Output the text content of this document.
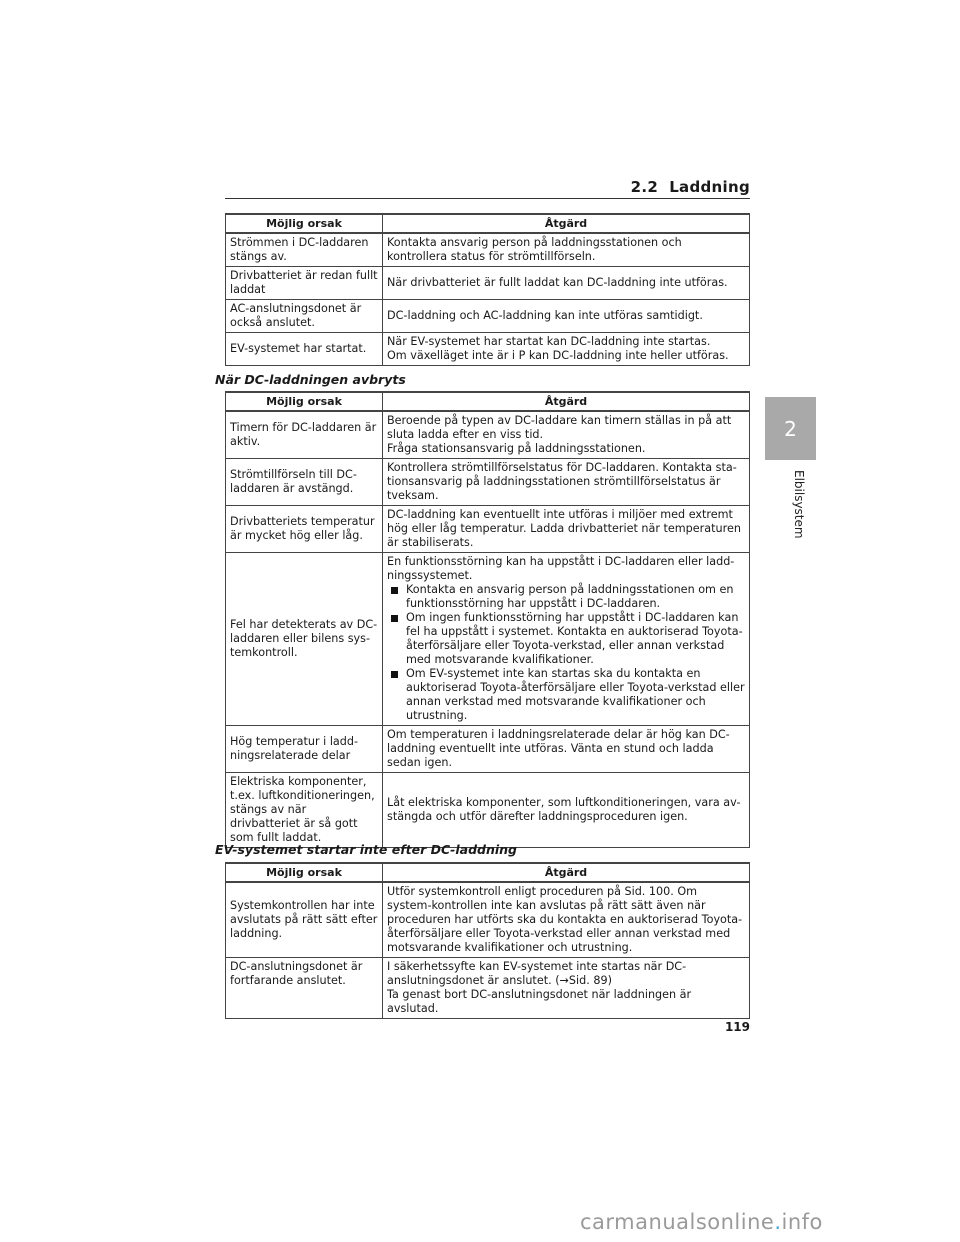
2.2 Laddning
2
Elbilsystem
Möjlig orsak	Åtgärd
Strömmen i DC-laddaren stängs av.	Kontakta ansvarig person på laddningsstationen och kontrollera status för strömtillförseln.
Drivbatteriet är redan fullt laddat	När drivbatteriet är fullt laddat kan DC-laddning inte utföras.
AC-anslutningsdonet är också anslutet.	DC-laddning och AC-laddning kan inte utföras samtidigt.
EV-systemet har startat.	När EV-systemet har startat kan DC-laddning inte startas.
Om växelläget inte är i P kan DC-laddning inte heller utföras.
När DC-laddningen avbryts
Möjlig orsak	Åtgärd
Timern för DC-laddaren är aktiv.	Beroende på typen av DC-laddare kan timern ställas in på att sluta ladda efter en viss tid.
Fråga stationsansvarig på laddningsstationen.

Strömtillförseln till DC-laddaren är avstängd.	Kontrollera strömtillförselstatus för DC-laddaren. Kontakta sta-tionsansvarig på laddningsstationen strömtillförselstatus är tveksam.
Drivbatteriets temperatur är mycket hög eller låg.	DC-laddning kan eventuellt inte utföras i miljöer med extremt hög eller låg temperatur. Ladda drivbatteriet när temperaturen är stabiliserats.
Fel har detekterats av DC-laddaren eller bilens sys-temkontroll.	En funktionsstörning kan ha uppstått i DC-laddaren eller ladd-ningssystemet.
Kontakta en ansvarig person på laddningsstationen om en funktionsstörning har uppstått i DC-laddaren.
Om ingen funktionsstörning har uppstått i DC-laddaren kan fel ha uppstått i systemet. Kontakta en auktoriserad Toyota-återförsäljare eller Toyota-verkstad, eller annan verkstad med motsvarande kvalifikationer.
Om EV-systemet inte kan startas ska du kontakta en auktoriserad Toyota-återförsäljare eller Toyota-verkstad eller annan verkstad med motsvarande kvalifikationer och utrustning.

Hög temperatur i ladd-ningsrelaterade delar	Om temperaturen i laddningsrelaterade delar är hög kan DC-laddning eventuellt inte utföras. Vänta en stund och ladda sedan igen.
Elektriska komponenter, t.ex. luftkonditioneringen, stängs av när drivbatteriet är så gott som fullt laddat.	Låt elektriska komponenter, som luftkonditioneringen, vara av-stängda och utför därefter laddningsproceduren igen.
EV-systemet startar inte efter DC-laddning
Möjlig orsak	Åtgärd
Systemkontrollen har inte avslutats på rätt sätt efter laddning.	Utför systemkontroll enligt proceduren på Sid. 100. Om system-kontrollen inte kan avslutas på rätt sätt även när proceduren har utförts ska du kontakta en auktoriserad Toyota-återförsäljare eller Toyota-verkstad eller annan verkstad med motsvarande kvalifikationer och utrustning.
DC-anslutningsdonet är fortfarande anslutet.	I säkerhetssyfte kan EV-systemet inte startas när DC-anslutningsdonet är anslutet. (→Sid. 89)
Ta genast bort DC-anslutningsdonet när laddningen är avslutad.
119
carmanualsonline.info
